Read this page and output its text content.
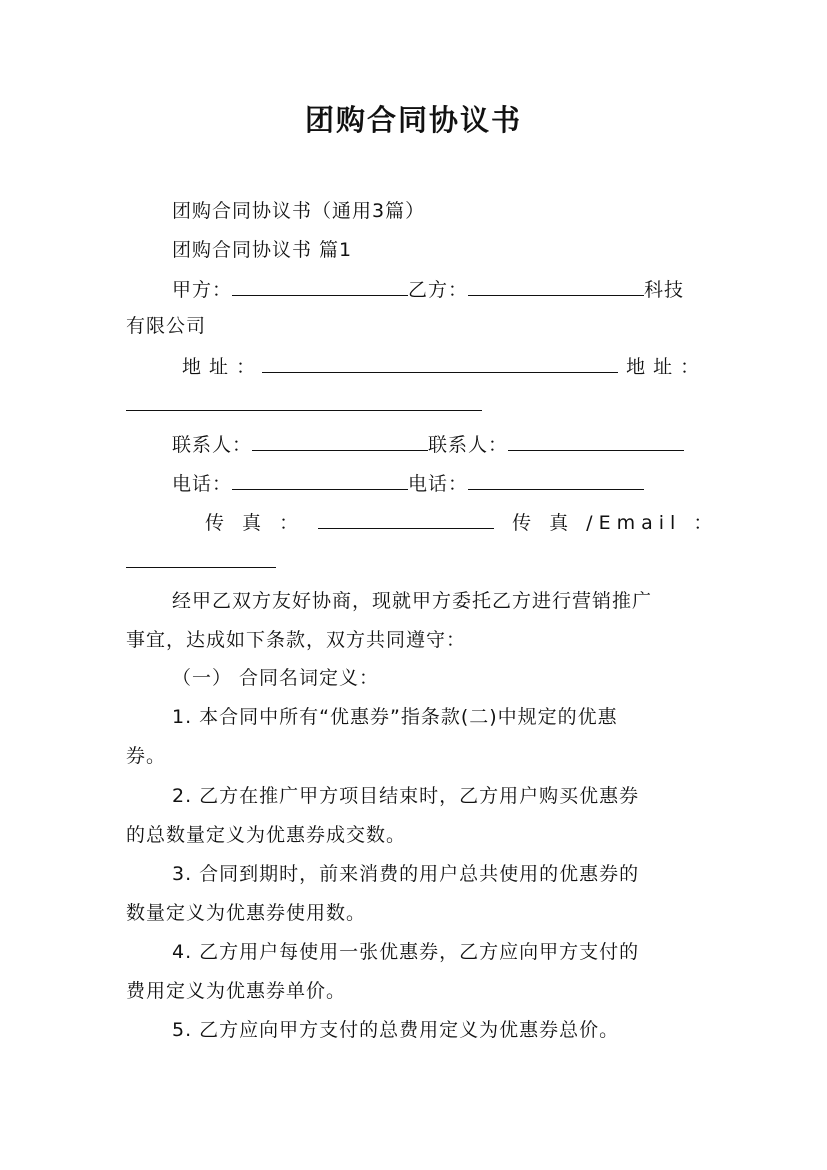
团购合同协议书
团购合同协议书（通用3篇）
团购合同协议书 篇1
甲方：	乙方：	科技
有限公司
地 址 ：	地 址 ：
联系人：	联系人：
电话：	电话：
传 真 ：	传 真 /Email ：
经甲乙双方友好协商，现就甲方委托乙方进行营销推广
事宜，达成如下条款，双方共同遵守：
（一） 合同名词定义：
1. 本合同中所有“优惠券”指条款(二)中规定的优惠
券。
2. 乙方在推广甲方项目结束时，乙方用户购买优惠券
的总数量定义为优惠券成交数。
3. 合同到期时，前来消费的用户总共使用的优惠券的
数量定义为优惠券使用数。
4. 乙方用户每使用一张优惠券，乙方应向甲方支付的
费用定义为优惠券单价。
5. 乙方应向甲方支付的总费用定义为优惠券总价。
